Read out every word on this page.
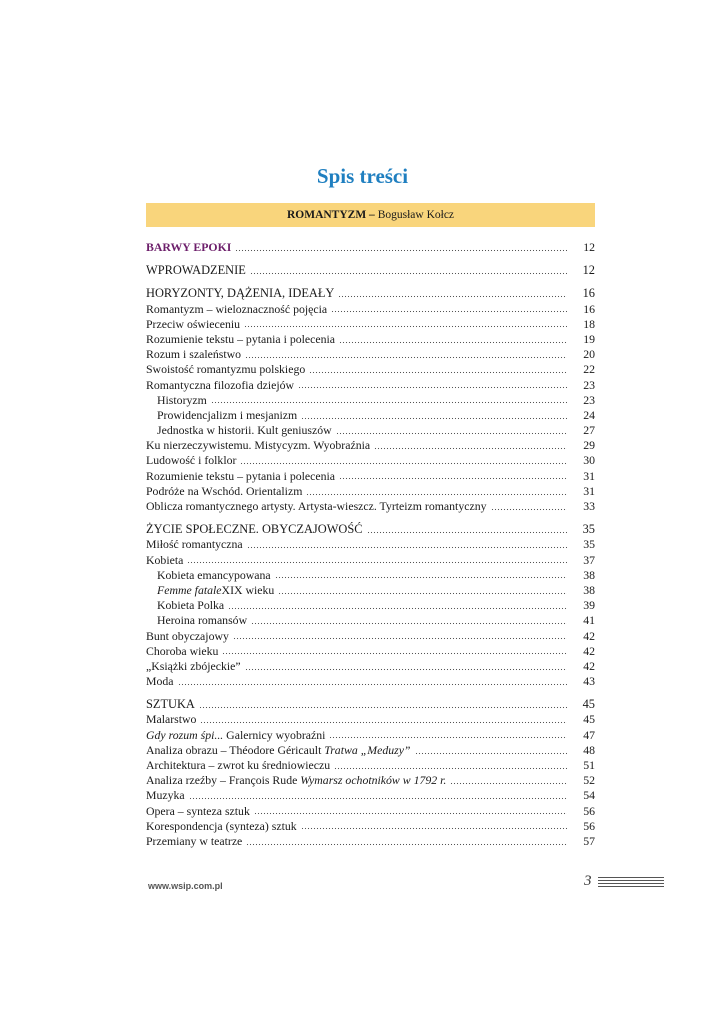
Spis treści
ROMANTYZM – Bogusław Kołcz
BARWY EPOKI	12
WPROWADZENIE	12
HORYZONTY, DĄŻENIA, IDEAŁY	16
Romantyzm – wieloznaczność pojęcia	16
Przeciw oświeceniu	18
Rozumienie tekstu – pytania i polecenia	19
Rozum i szaleństwo	20
Swoistość romantyzmu polskiego	22
Romantyczna filozofia dziejów	23
Historyzm	23
Prowidencjalizm i mesjanizm	24
Jednostka w historii. Kult geniuszów	27
Ku nierzeczywistemu. Mistycyzm. Wyobraźnia	29
Ludowość i folklor	30
Rozumienie tekstu – pytania i polecenia	31
Podróże na Wschód. Orientalizm	31
Oblicza romantycznego artysty. Artysta-wieszcz. Tyrteizm romantyczny	33
ŻYCIE SPOŁECZNE. OBYCZAJOWOŚĆ	35
Miłość romantyczna	35
Kobieta	37
Kobieta emancypowana	38
Femme fataleXIX wieku	38
Kobieta Polka	39
Heroina romansów	41
Bunt obyczajowy	42
Choroba wieku	42
„Książki zbójeckie”	42
Moda	43
SZTUKA	45
Malarstwo	45
Gdy rozum śpi... Galernicy wyobraźni	47
Analiza obrazu – Théodore Géricault Tratwa „Meduzy”	48
Architektura – zwrot ku średniowieczu	51
Analiza rzeźby – François Rude Wymarsz ochotników w 1792 r.	52
Muzyka	54
Opera – synteza sztuk	56
Korespondencja (synteza) sztuk	56
Przemiany w teatrze	57
www.wsip.com.pl	3
